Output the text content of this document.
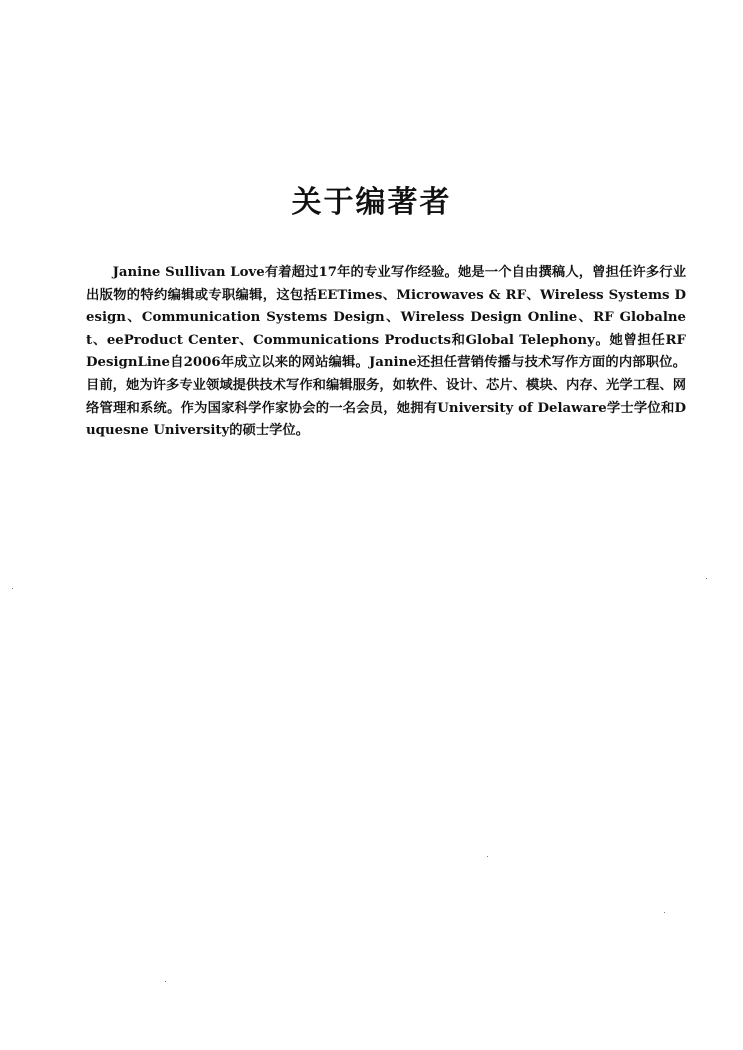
关于编著者

Janine Sullivan Love有着超过17年的专业写作经验。她是一个自由撰稿人，曾担任许多行业出版物的特约编辑或专职编辑，这包括EETimes、Microwaves & RF、Wireless Systems Design、Communication Systems Design、Wireless Design Online、RF Globalnet、eeProduct Center、Communications Products和Global Telephony。她曾担任RF DesignLine自2006年成立以来的网站编辑。Janine还担任营销传播与技术写作方面的内部职位。目前，她为许多专业领域提供技术写作和编辑服务，如软件、设计、芯片、模块、内存、光学工程、网络管理和系统。作为国家科学作家协会的一名会员，她拥有University of Delaware学士学位和Duquesne University的硕士学位。
